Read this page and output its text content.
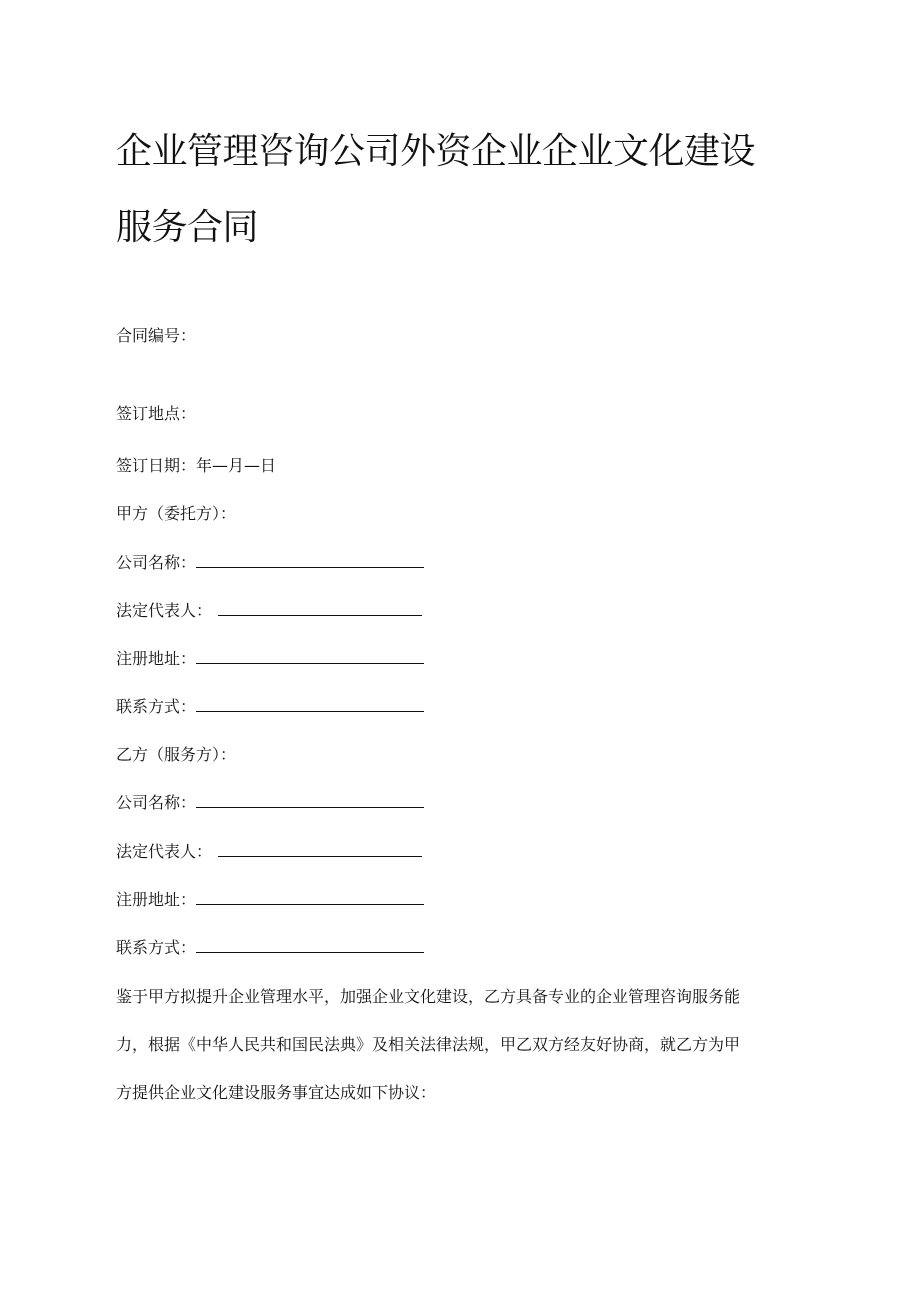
企业管理咨询公司外资企业企业文化建设
服务合同
合同编号：
签订地点：
签订日期：年—月—日
甲方（委托方）：
公司名称：
法定代表人：
注册地址：
联系方式：
乙方（服务方）：
公司名称：
法定代表人：
注册地址：
联系方式：
鉴于甲方拟提升企业管理水平，加强企业文化建设，乙方具备专业的企业管理咨询服务能
力，根据《中华人民共和国民法典》及相关法律法规，甲乙双方经友好协商，就乙方为甲
方提供企业文化建设服务事宜达成如下协议：
